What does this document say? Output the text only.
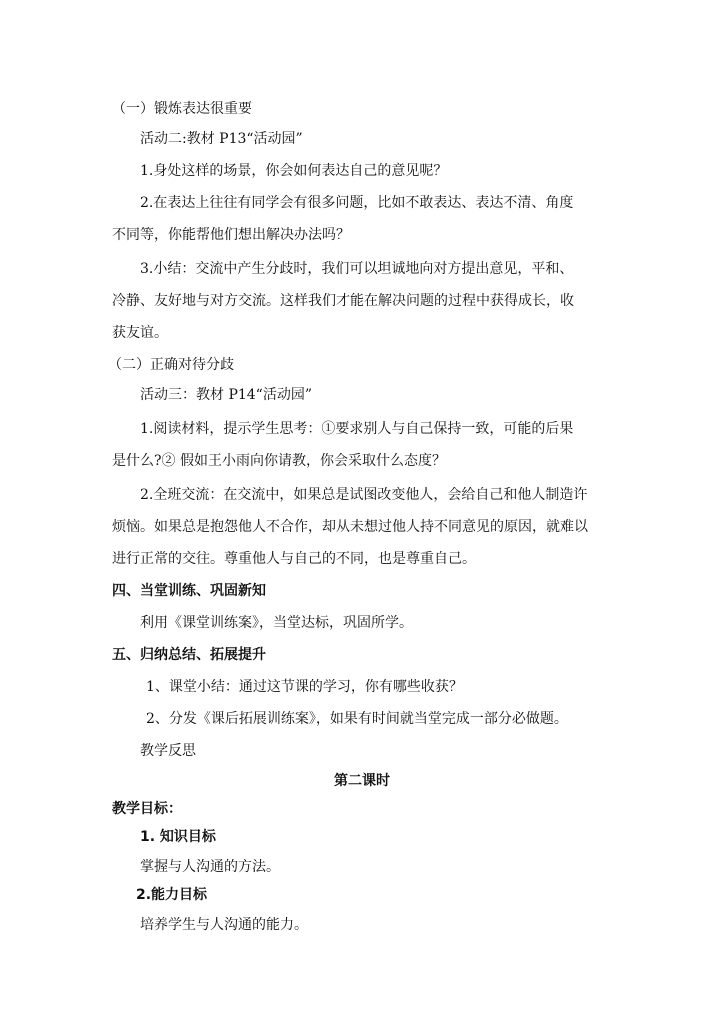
（一）锻炼表达很重要
活动二:教材 P13“活动园”
1.身处这样的场景，你会如何表达自己的意见呢？
2.在表达上往往有同学会有很多问题，比如不敢表达、表达不清、角度
不同等，你能帮他们想出解决办法吗？
3.小结：交流中产生分歧时，我们可以坦诚地向对方提出意见，平和、
冷静、友好地与对方交流。这样我们才能在解决问题的过程中获得成长，收
获友谊。
（二）正确对待分歧
活动三：教材 P14“活动园”
1.阅读材料，提示学生思考：①要求别人与自己保持一致，可能的后果
是什么?② 假如王小雨向你请教，你会采取什么态度？
2.全班交流：在交流中，如果总是试图改变他人，会给自己和他人制造许
烦恼。如果总是抱怨他人不合作，却从未想过他人持不同意见的原因，就难以
进行正常的交往。尊重他人与自己的不同，也是尊重自己。
四、当堂训练、巩固新知
利用《课堂训练案》，当堂达标，巩固所学。
五、归纳总结、拓展提升
1、课堂小结：通过这节课的学习，你有哪些收获？
2、分发《课后拓展训练案》，如果有时间就当堂完成一部分必做题。
教学反思
第二课时
教学目标：
1. 知识目标
掌握与人沟通的方法。
2.能力目标
培养学生与人沟通的能力。
